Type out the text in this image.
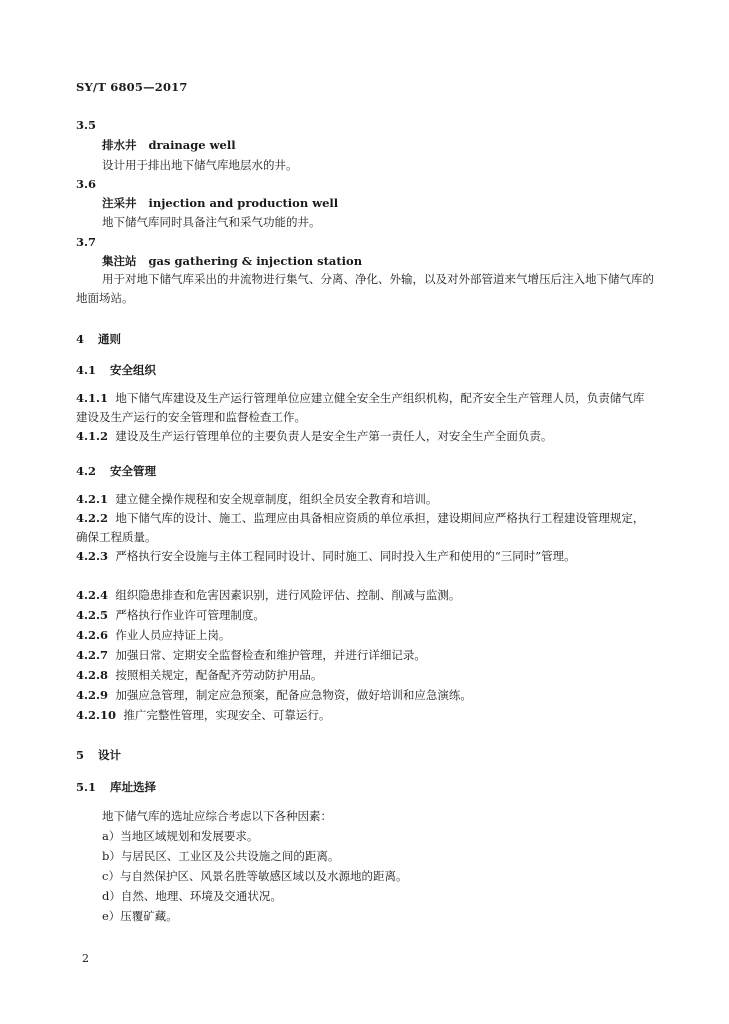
SY/T 6805—2017
3.5
排水井 drainage well
设计用于排出地下储气库地层水的井。
3.6
注采井 injection and production well
地下储气库同时具备注气和采气功能的井。
3.7
集注站 gas gathering & injection station
用于对地下储气库采出的井流物进行集气、分离、净化、外输，以及对外部管道来气增压后注入地下储气库的地面场站。
4 通则
4.1 安全组织
4.1.1 地下储气库建设及生产运行管理单位应建立健全安全生产组织机构，配齐安全生产管理人员，负责储气库建设及生产运行的安全管理和监督检查工作。
4.1.2 建设及生产运行管理单位的主要负责人是安全生产第一责任人，对安全生产全面负责。
4.2 安全管理
4.2.1 建立健全操作规程和安全规章制度，组织全员安全教育和培训。
4.2.2 地下储气库的设计、施工、监理应由具备相应资质的单位承担，建设期间应严格执行工程建设管理规定，确保工程质量。
4.2.3 严格执行安全设施与主体工程同时设计、同时施工、同时投入生产和使用的“三同时”管理。
4.2.4 组织隐患排查和危害因素识别，进行风险评估、控制、削减与监测。
4.2.5 严格执行作业许可管理制度。
4.2.6 作业人员应持证上岗。
4.2.7 加强日常、定期安全监督检查和维护管理，并进行详细记录。
4.2.8 按照相关规定，配备配齐劳动防护用品。
4.2.9 加强应急管理，制定应急预案，配备应急物资，做好培训和应急演练。
4.2.10 推广完整性管理，实现安全、可靠运行。
5 设计
5.1 库址选择
地下储气库的选址应综合考虑以下各种因素：
a）当地区域规划和发展要求。
b）与居民区、工业区及公共设施之间的距离。
c）与自然保护区、风景名胜等敏感区域以及水源地的距离。
d）自然、地理、环境及交通状况。
e）压覆矿藏。
2
